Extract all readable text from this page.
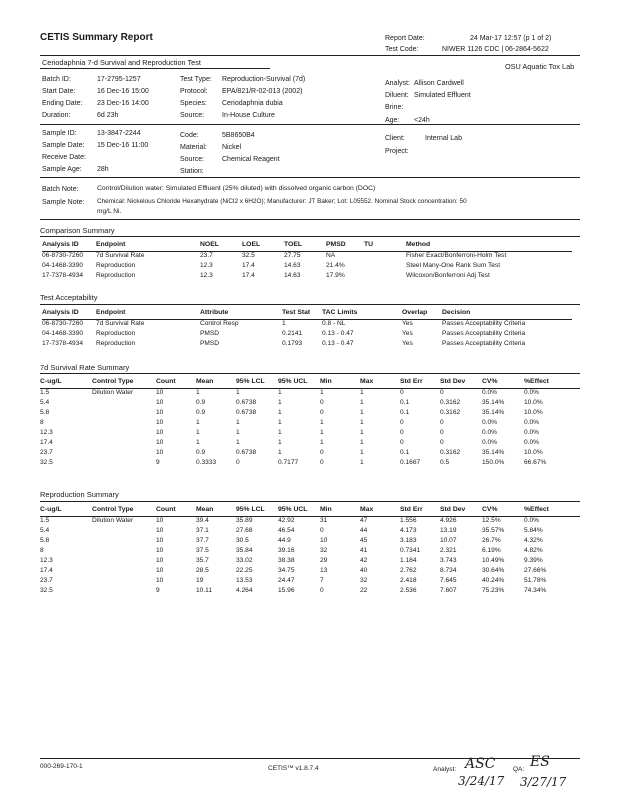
CETIS Summary Report	Report Date:	24 Mar-17 12:57 (p 1 of 2)
Test Code:	NIWER 1126 CDC | 06-2864-5622
Ceriodaphnia 7-d Survival and Reproduction Test	OSU Aquatic Tox Lab
Batch ID:	17-2795-1257
Start Date:	16 Dec-16 15:00
Ending Date: 23 Dec-16 14:00
Duration:	6d 23h
Test Type: Reproduction-Survival (7d)
Protocol: EPA/821/R-02-013 (2002)
Species: Ceriodaphnia dubia
Source:	In-House Culture
Analyst: Allison Cardwell
Diluent: Simulated Effluent
Brine:
Age: <24h
Sample ID:	13-3847-2244
Sample Date: 15 Dec-16 11:00
Receive Date:
Sample Age: 28h
Code:	5B8650B4
Material: Nickel
Source:	Chemical Reagent
Station:
Client:	Internal Lab
Project:
Batch Note:	Control/Dilution water: Simulated Effluent (25% diluted) with dissolved organic carbon (DOC)
Sample Note: Chemical: Nickelous Chloride Hexahydrate (NiCl2 x 6H2O); Manufacturer: JT Baker; Lot: L05552. Nominal Stock concentration: 50
mg/L Ni.
Comparison Summary
Analysis ID	Endpoint	NOEL	LOEL	TOEL	PMSD	TU	Method
06-8730-7260	7d Survival Rate	23.7	32.5	27.75	NA		Fisher Exact/Bonferroni-Holm Test
04-1468-3390	Reproduction	12.3	17.4	14.63	21.4%		Steel Many-One Rank Sum Test
17-7378-4934	Reproduction	12.3	17.4	14.63	17.9%		Wilcoxon/Bonferroni Adj Test
Test Acceptability
Analysis ID	Endpoint	Attribute	Test Stat	TAC Limits	Overlap	Decision
06-8730-7260	7d Survival Rate	Control Resp	1	0.8 - NL	Yes	Passes Acceptability Criteria
04-1468-3390	Reproduction	PMSD	0.2141	0.13 - 0.47	Yes	Passes Acceptability Criteria
17-7378-4934	Reproduction	PMSD	0.1793	0.13 - 0.47	Yes	Passes Acceptability Criteria
7d Survival Rate Summary
C-ug/L	Control Type	Count	Mean	95% LCL	95% UCL	Min	Max	Std Err	Std Dev	CV%	%Effect
1.5	Dilution Water	10	1	1	1	1	1	0	0	0.0%	0.0%
5.4		10	0.9	0.6738	1	0	1	0.1	0.3162	35.14%	10.0%
5.8		10	0.9	0.6738	1	0	1	0.1	0.3162	35.14%	10.0%
8		10	1	1	1	1	1	0	0	0.0%	0.0%
12.3		10	1	1	1	1	1	0	0	0.0%	0.0%
17.4		10	1	1	1	1	1	0	0	0.0%	0.0%
23.7		10	0.9	0.6738	1	0	1	0.1	0.3162	35.14%	10.0%
32.5		9	0.3333	0	0.7177	0	1	0.1667	0.5	150.0%	66.67%
Reproduction Summary
C-ug/L	Control Type	Count	Mean	95% LCL	95% UCL	Min	Max	Std Err	Std Dev	CV%	%Effect
1.5	Dilution Water	10	39.4	35.89	42.92	31	47	1.556	4.926	12.5%	0.0%
5.4		10	37.1	27.68	46.54	0	44	4.173	13.19	35.57%	5.84%
5.8		10	37.7	30.5	44.9	10	45	3.183	10.07	26.7%	4.32%
8		10	37.5	35.84	39.16	32	41	0.7341	2.321	6.19%	4.82%
12.3		10	35.7	33.02	38.38	29	42	1.184	3.743	10.49%	9.39%
17.4		10	28.5	22.25	34.75	13	40	2.762	8.734	30.64%	27.66%
23.7		10	19	13.53	24.47	7	32	2.418	7.645	40.24%	51.78%
32.5		9	10.11	4.264	15.96	0	22	2.536	7.607	75.23%	74.34%
000-269-170-1	CETIS™ v1.8.7.4	Analyst: ASC
3/24/17
QA: ES
3/27/17
